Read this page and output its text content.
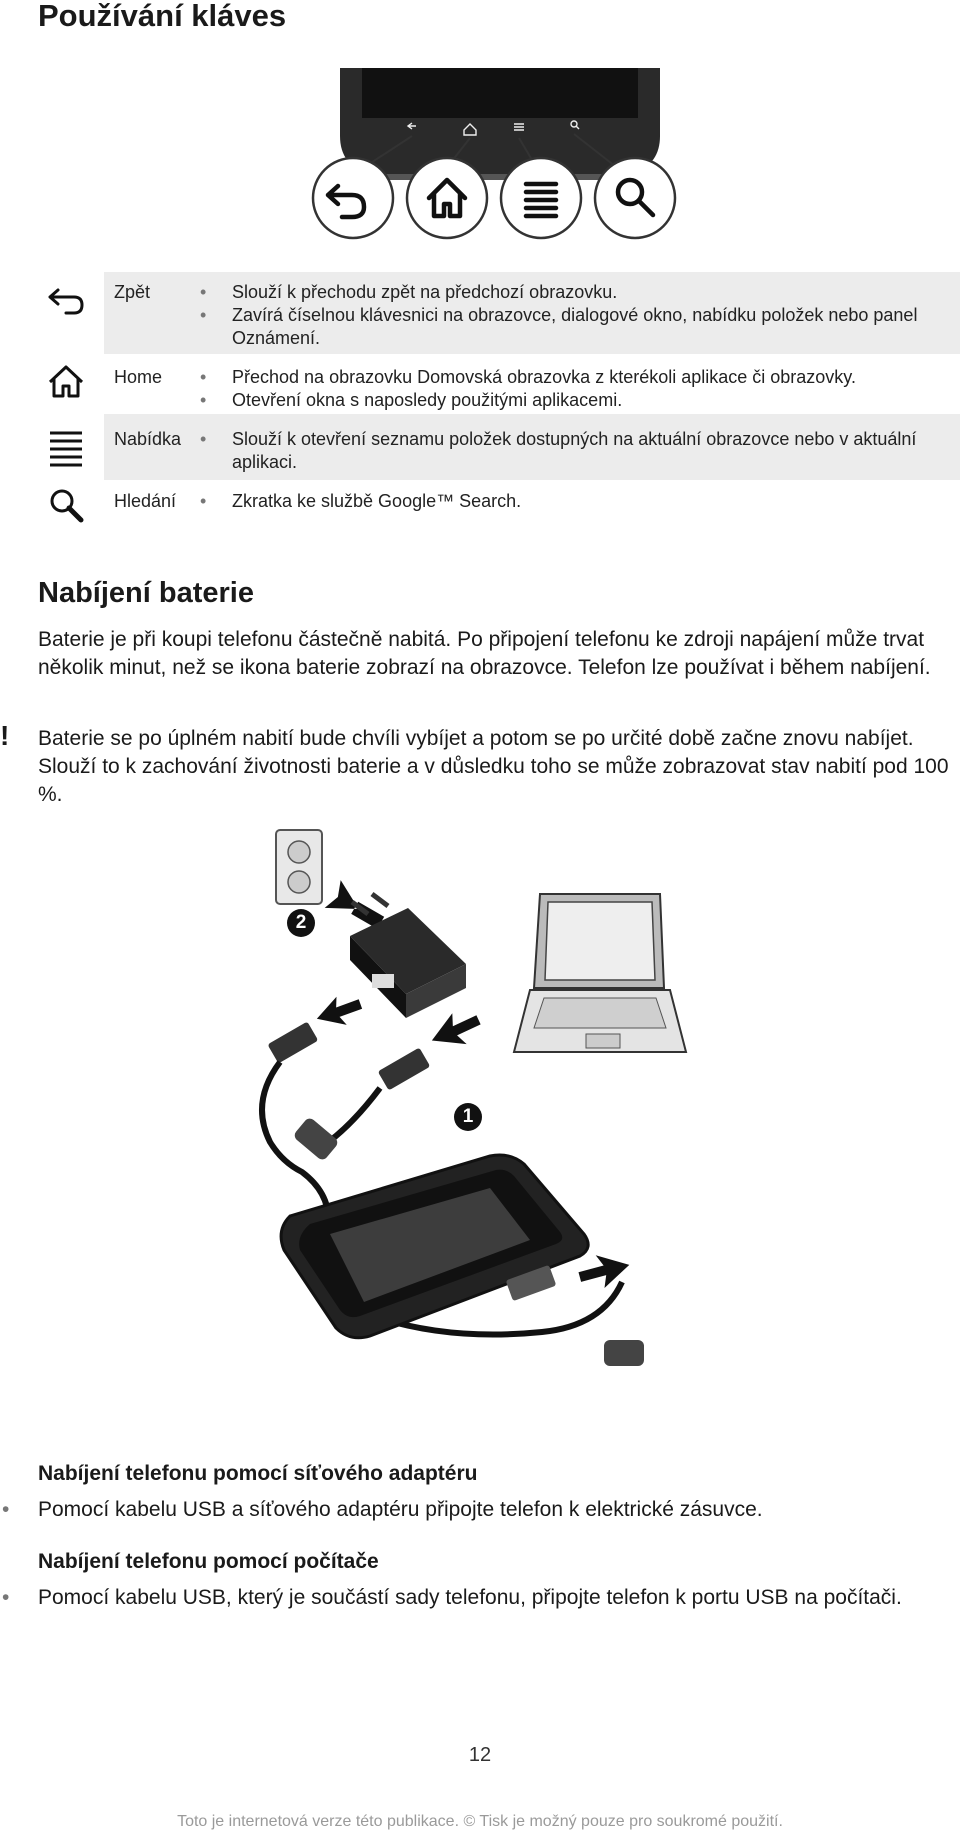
Používání kláves
Zpět	• Slouží k přechodu zpět na předchozí obrazovku.
• Zavírá číselnou klávesnici na obrazovce, dialogové okno, nabídku položek nebo panel Oznámení.
Home	• Přechod na obrazovku Domovská obrazovka z kterékoli aplikace či obrazovky.
• Otevření okna s naposledy použitými aplikacemi.
Nabídka	• Slouží k otevření seznamu položek dostupných na aktuální obrazovce nebo v aktuální aplikaci.
Hledání	• Zkratka ke službě Google™ Search.
Nabíjení baterie

Baterie je při koupi telefonu částečně nabitá. Po připojení telefonu ke zdroji napájení může trvat několik minut, než se ikona baterie zobrazí na obrazovce. Telefon lze používat i během nabíjení.

! Baterie se po úplném nabití bude chvíli vybíjet a potom se po určité době začne znovu nabíjet. Slouží to k zachování životnosti baterie a v důsledku toho se může zobrazovat stav nabití pod 100 %.

2
1
Nabíjení telefonu pomocí síťového adaptéru
• Pomocí kabelu USB a síťového adaptéru připojte telefon k elektrické zásuvce.
Nabíjení telefonu pomocí počítače
• Pomocí kabelu USB, který je součástí sady telefonu, připojte telefon k portu USB na počítači.
12
Toto je internetová verze této publikace. © Tisk je možný pouze pro soukromé použití.
